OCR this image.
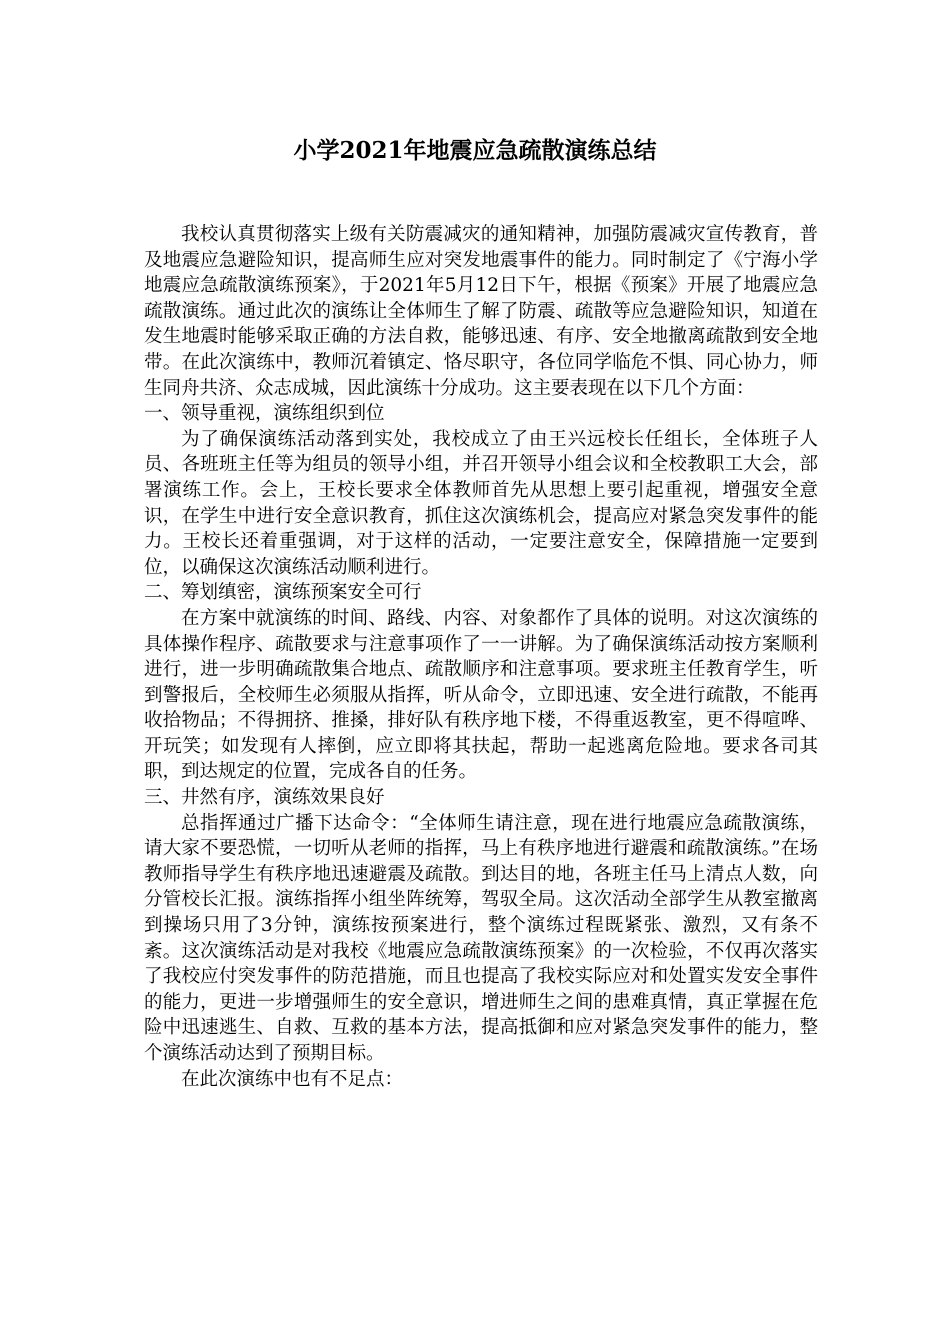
小学2021年地震应急疏散演练总结

我校认真贯彻落实上级有关防震减灾的通知精神，加强防震减灾宣传教育，普及地震应急避险知识，提高师生应对突发地震事件的能力。同时制定了《宁海小学地震应急疏散演练预案》，于2021年5月12日下午，根据《预案》开展了地震应急疏散演练。通过此次的演练让全体师生了解了防震、疏散等应急避险知识，知道在发生地震时能够采取正确的方法自救，能够迅速、有序、安全地撤离疏散到安全地带。在此次演练中，教师沉着镇定、恪尽职守，各位同学临危不惧、同心协力，师生同舟共济、众志成城，因此演练十分成功。这主要表现在以下几个方面：

一、领导重视，演练组织到位

为了确保演练活动落到实处，我校成立了由王兴远校长任组长，全体班子人员、各班班主任等为组员的领导小组，并召开领导小组会议和全校教职工大会，部署演练工作。会上，王校长要求全体教师首先从思想上要引起重视，增强安全意识，在学生中进行安全意识教育，抓住这次演练机会，提高应对紧急突发事件的能力。王校长还着重强调，对于这样的活动，一定要注意安全，保障措施一定要到位，以确保这次演练活动顺利进行。

二、筹划缜密，演练预案安全可行

在方案中就演练的时间、路线、内容、对象都作了具体的说明。对这次演练的具体操作程序、疏散要求与注意事项作了一一讲解。为了确保演练活动按方案顺利进行，进一步明确疏散集合地点、疏散顺序和注意事项。要求班主任教育学生，听到警报后，全校师生必须服从指挥，听从命令，立即迅速、安全进行疏散，不能再收拾物品；不得拥挤、推搡，排好队有秩序地下楼，不得重返教室，更不得喧哗、开玩笑；如发现有人摔倒，应立即将其扶起，帮助一起逃离危险地。要求各司其职，到达规定的位置，完成各自的任务。

三、井然有序，演练效果良好

总指挥通过广播下达命令：“全体师生请注意，现在进行地震应急疏散演练，请大家不要恐慌，一切听从老师的指挥，马上有秩序地进行避震和疏散演练。”在场教师指导学生有秩序地迅速避震及疏散。到达目的地，各班主任马上清点人数，向分管校长汇报。演练指挥小组坐阵统筹，驾驭全局。这次活动全部学生从教室撤离到操场只用了3分钟，演练按预案进行，整个演练过程既紧张、激烈，又有条不紊。这次演练活动是对我校《地震应急疏散演练预案》的一次检验，不仅再次落实了我校应付突发事件的防范措施，而且也提高了我校实际应对和处置实发安全事件的能力，更进一步增强师生的安全意识，增进师生之间的患难真情，真正掌握在危险中迅速逃生、自救、互救的基本方法，提高抵御和应对紧急突发事件的能力，整个演练活动达到了预期目标。

在此次演练中也有不足点：
